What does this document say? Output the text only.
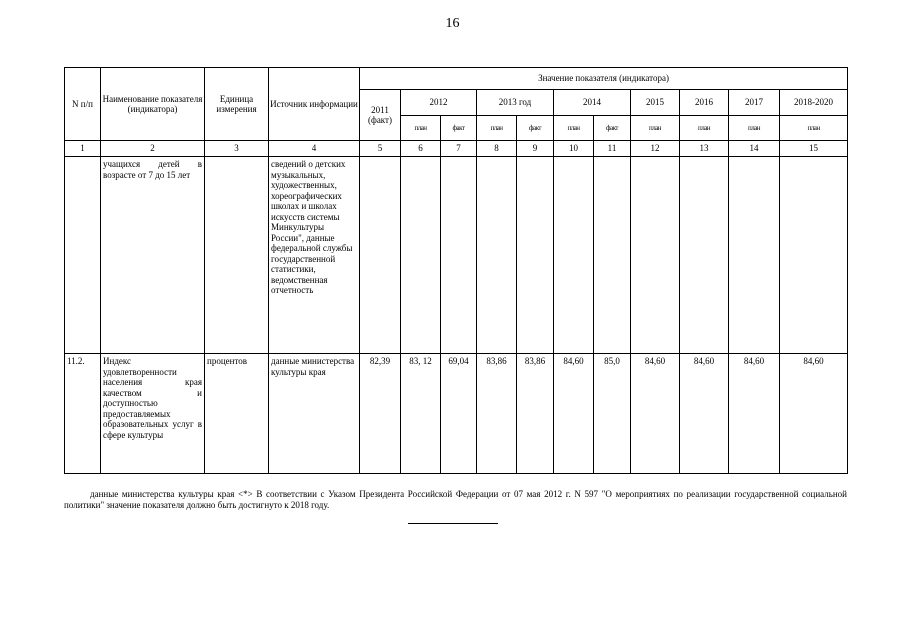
16
N п/п	Наименование показателя (индикатора)	Единица измерения	Источник информации	Значение показателя (индикатора)										
				2011 (факт)	2012		2013 год		2014		2015	2016	2017	2018-2020
					план	факт	план	факт	план	факт	план	план	план	план
1	2	3	4	5	6	7	8	9	10	11	12	13	14	15
	учащихся детей в возрасте от 7 до 15 лет		сведений о детских музыкальных, художественных, хореографических школах и школах искусств системы Минкультуры России", данные федеральной службы государственной статистики, ведомственная отчетность											
11.2.	Индекс удовлетворенности населения края качеством и доступностью предоставляемых образовательных услуг в сфере культуры	процентов	данные министерства культуры края	82,39	83, 12	69,04	83,86	83,86	84,60	85,0	84,60	84,60	84,60	84,60
данные министерства культуры края <*> В соответствии с Указом Президента Российской Федерации от 07 мая 2012 г. N 597 "О мероприятиях по реализации государственной социальной политики" значение показателя должно быть достигнуто к 2018 году.
